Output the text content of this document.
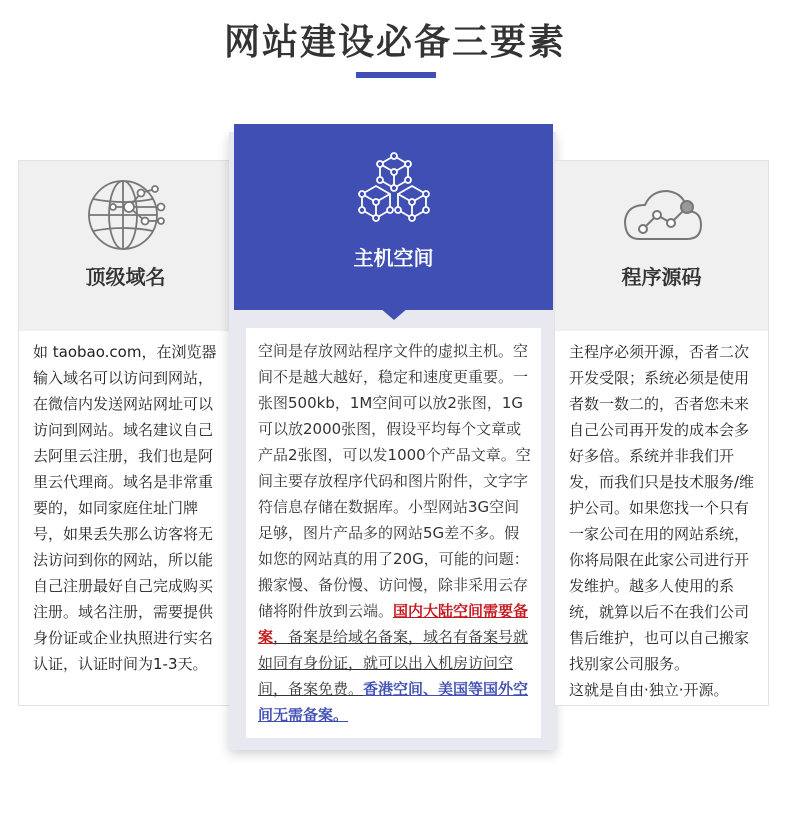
网站建设必备三要素
顶级域名
如 taobao.com，在浏览器输入域名可以访问到网站，在微信内发送网站网址可以访问到网站。域名建议自己去阿里云注册，我们也是阿里云代理商。域名是非常重要的，如同家庭住址门牌号，如果丢失那么访客将无法访问到你的网站，所以能自己注册最好自己完成购买注册。域名注册，需要提供身份证或企业执照进行实名认证，认证时间为1-3天。
主机空间
空间是存放网站程序文件的虚拟主机。空间不是越大越好，稳定和速度更重要。一张图500kb，1M空间可以放2张图，1G可以放2000张图，假设平均每个文章或产品2张图，可以发1000个产品文章。空间主要存放程序代码和图片附件，文字字符信息存储在数据库。小型网站3G空间足够，图片产品多的网站5G差不多。假如您的网站真的用了20G，可能的问题：搬家慢、备份慢、访问慢，除非采用云存储将附件放到云端。国内大陆空间需要备案，备案是给域名备案，域名有备案号就如同有身份证，就可以出入机房访问空间，备案免费。香港空间、美国等国外空间无需备案。
程序源码
主程序必须开源，否者二次开发受限；系统必须是使用者数一数二的，否者您未来自己公司再开发的成本会多好多倍。系统并非我们开发，而我们只是技术服务/维护公司。如果您找一个只有一家公司在用的网站系统，你将局限在此家公司进行开发维护。越多人使用的系统，就算以后不在我们公司售后维护，也可以自己搬家找别家公司服务。
这就是自由·独立·开源。
